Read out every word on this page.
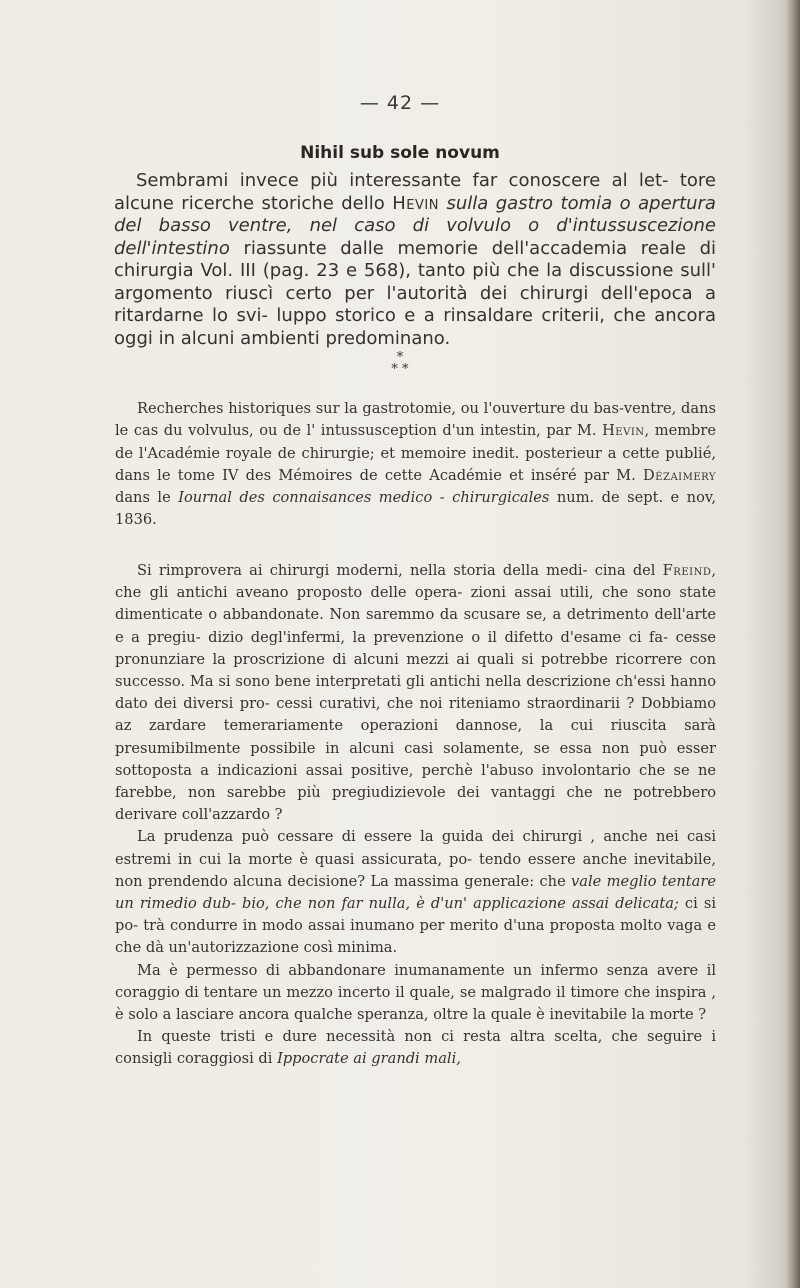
— 42 —
Nihil sub sole novum

Sembrami invece più interessante far conoscere al let- tore alcune ricerche storiche dello Hevin sulla gastro tomia o apertura del basso ventre, nel caso di volvulo o d'intussuscezione dell'intestino riassunte dalle memorie dell'accademia reale di chirurgia Vol. III (pag. 23 e 568), tanto più che la discussione sull' argomento riuscì certo per l'autorità dei chirurgi dell'epoca a ritardarne lo svi- luppo storico e a rinsaldare criterii, che ancora oggi in alcuni ambienti predominano.

*
* *

Recherches historiques sur la gastrotomie, ou l'ouverture du bas-ventre, dans le cas du volvulus, ou de l' intussusception d'un intestin, par M. Hevin, membre de l'Académie royale de chirurgie; et memoire inedit. posterieur a cette publié, dans le tome IV des Mémoires de cette Académie et inséré par M. Dézaimery dans le Iournal des connaisances medico - chirurgicales num. de sept. e nov, 1836.

Si rimprovera ai chirurgi moderni, nella storia della medi- cina del Freind, che gli antichi aveano proposto delle opera- zioni assai utili, che sono state dimenticate o abbandonate. Non saremmo da scusare se, a detrimento dell'arte e a pregiu- dizio degl'infermi, la prevenzione o il difetto d'esame ci fa- cesse pronunziare la proscrizione di alcuni mezzi ai quali si potrebbe ricorrere con successo. Ma si sono bene interpretati gli antichi nella descrizione ch'essi hanno dato dei diversi pro- cessi curativi, che noi riteniamo straordinarii ? Dobbiamo az zardare temerariamente operazioni dannose, la cui riuscita sarà presumibilmente possibile in alcuni casi solamente, se essa non può esser sottoposta a indicazioni assai positive, perchè l'abuso involontario che se ne farebbe, non sarebbe più pregiudizievole dei vantaggi che ne potrebbero derivare coll'azzardo ?

La prudenza può cessare di essere la guida dei chirurgi , anche nei casi estremi in cui la morte è quasi assicurata, po- tendo essere anche inevitabile, non prendendo alcuna decisione? La massima generale: che vale meglio tentare un rimedio dub- bio, che non far nulla, è d'un' applicazione assai delicata; ci si po- trà condurre in modo assai inumano per merito d'una proposta molto vaga e che dà un'autorizzazione così minima.

Ma è permesso di abbandonare inumanamente un infermo senza avere il coraggio di tentare un mezzo incerto il quale, se malgrado il timore che inspira , è solo a lasciare ancora qualche speranza, oltre la quale è inevitabile la morte ?

In queste tristi e dure necessità non ci resta altra scelta, che seguire i consigli coraggiosi di Ippocrate ai grandi mali,
